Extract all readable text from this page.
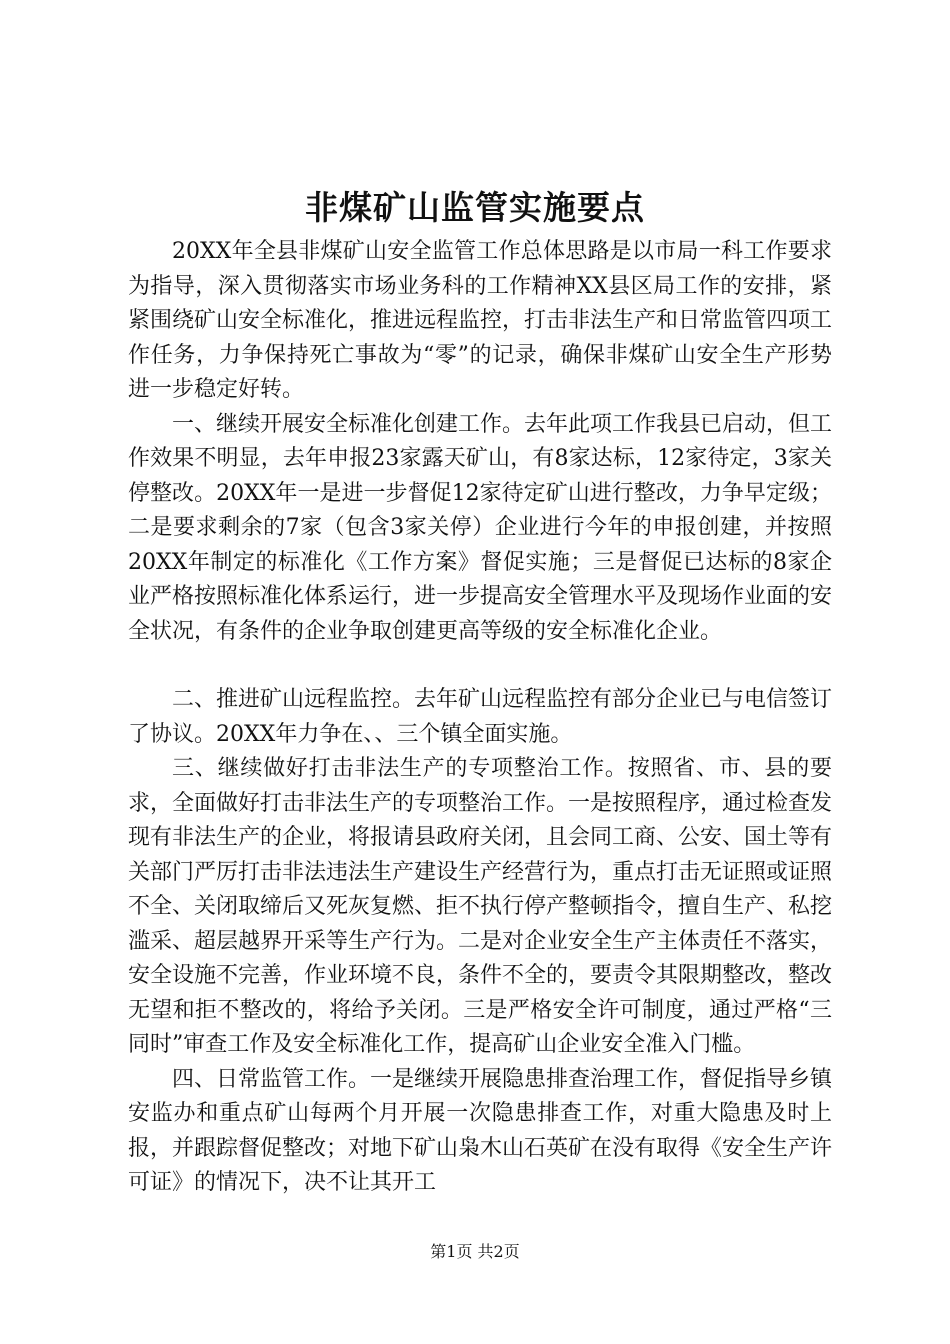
非煤矿山监管实施要点

20XX年全县非煤矿山安全监管工作总体思路是以市局一科工作要求为指导，深入贯彻落实市场业务科的工作精神XX县区局工作的安排，紧紧围绕矿山安全标准化，推进远程监控，打击非法生产和日常监管四项工作任务，力争保持死亡事故为“零”的记录，确保非煤矿山安全生产形势进一步稳定好转。

一、继续开展安全标准化创建工作。去年此项工作我县已启动，但工作效果不明显，去年申报23家露天矿山，有8家达标，12家待定，3家关停整改。20XX年一是进一步督促12家待定矿山进行整改，力争早定级；二是要求剩余的7家（包含3家关停）企业进行今年的申报创建，并按照20XX年制定的标准化《工作方案》督促实施；三是督促已达标的8家企业严格按照标准化体系运行，进一步提高安全管理水平及现场作业面的安全状况，有条件的企业争取创建更高等级的安全标准化企业。

二、推进矿山远程监控。去年矿山远程监控有部分企业已与电信签订了协议。20XX年力争在、、三个镇全面实施。

三、继续做好打击非法生产的专项整治工作。按照省、市、县的要求，全面做好打击非法生产的专项整治工作。一是按照程序，通过检查发现有非法生产的企业，将报请县政府关闭，且会同工商、公安、国土等有关部门严厉打击非法违法生产建设生产经营行为，重点打击无证照或证照不全、关闭取缔后又死灰复燃、拒不执行停产整顿指令，擅自生产、私挖滥采、超层越界开采等生产行为。二是对企业安全生产主体责任不落实，安全设施不完善，作业环境不良，条件不全的，要责令其限期整改，整改无望和拒不整改的，将给予关闭。三是严格安全许可制度，通过严格“三同时”审查工作及安全标准化工作，提高矿山企业安全准入门槛。

四、日常监管工作。一是继续开展隐患排查治理工作，督促指导乡镇安监办和重点矿山每两个月开展一次隐患排查工作，对重大隐患及时上报，并跟踪督促整改；对地下矿山枭木山石英矿在没有取得《安全生产许可证》的情况下，决不让其开工

第1页 共2页
